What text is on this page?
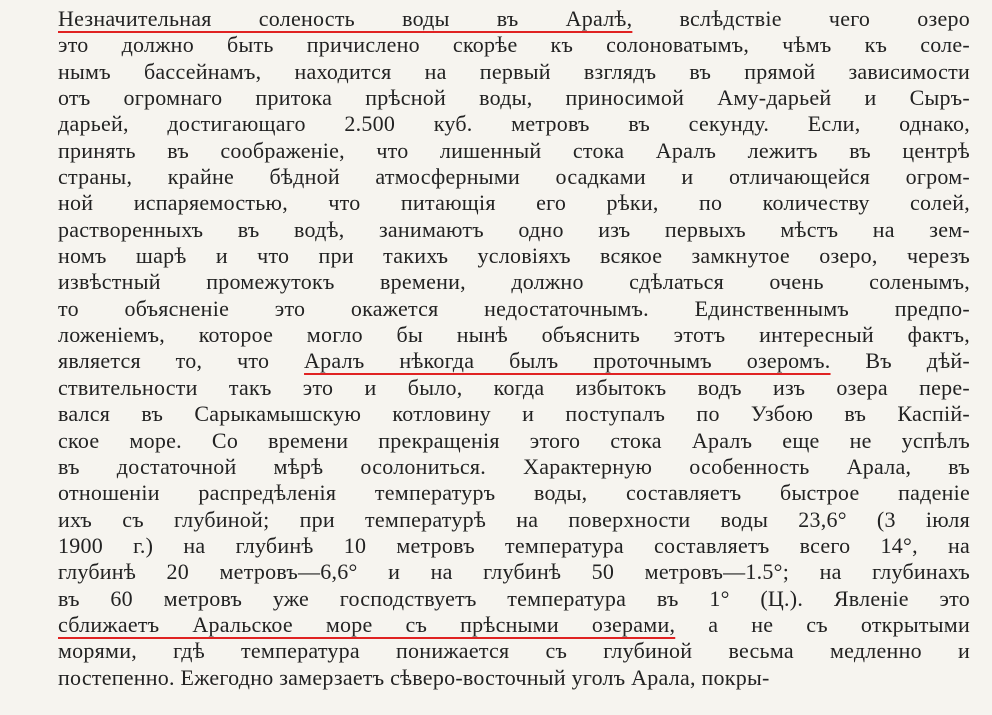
Незначительная соленость воды въ Аралѣ, вслѣдствіе чего озеро
это должно быть причислено скорѣе къ солоноватымъ, чѣмъ къ соле-
нымъ бассейнамъ, находится на первый взглядъ въ прямой зависимости
отъ огромнаго притока прѣсной воды, приносимой Аму-дарьей и Сыръ-
дарьей, достигающаго 2.500 куб. метровъ въ секунду. Если, однако,
принять въ соображеніе, что лишенный стока Аралъ лежитъ въ центрѣ
страны, крайне бѣдной атмосферными осадками и отличающейся огром-
ной испаряемостью, что питающія его рѣки, по количеству солей,
растворенныхъ въ водѣ, занимаютъ одно изъ первыхъ мѣстъ на зем-
номъ шарѣ и что при такихъ условіяхъ всякое замкнутое озеро, черезъ
извѣстный промежутокъ времени, должно сдѣлаться очень соленымъ,
то объясненіе это окажется недостаточнымъ. Единственнымъ предпо-
ложеніемъ, которое могло бы нынѣ объяснить этотъ интересный фактъ,
является то, что Аралъ нѣкогда былъ проточнымъ озеромъ. Въ дѣй-
ствительности такъ это и было, когда избытокъ водъ изъ озера пере-
вался въ Сарыкамышскую котловину и поступалъ по Узбою въ Каспій-
ское море. Со времени прекращенія этого стока Аралъ еще не успѣлъ
въ достаточной мѣрѣ осолониться. Характерную особенность Арала, въ
отношеніи распредѣленія температуръ воды, составляетъ быстрое паденіе
ихъ съ глубиной; при температурѣ на поверхности воды 23,6° (3 іюля
1900 г.) на глубинѣ 10 метровъ температура составляетъ всего 14°, на
глубинѣ 20 метровъ—6,6° и на глубинѣ 50 метровъ—1.5°; на глубинахъ
въ 60 метровъ уже господствуетъ температура въ 1° (Ц.). Явленіе это
сближаетъ Аральское море съ прѣсными озерами, а не съ открытыми
морями, гдѣ температура понижается съ глубиной весьма медленно и
постепенно. Ежегодно замерзаетъ сѣверо-восточный уголъ Арала, покры-
